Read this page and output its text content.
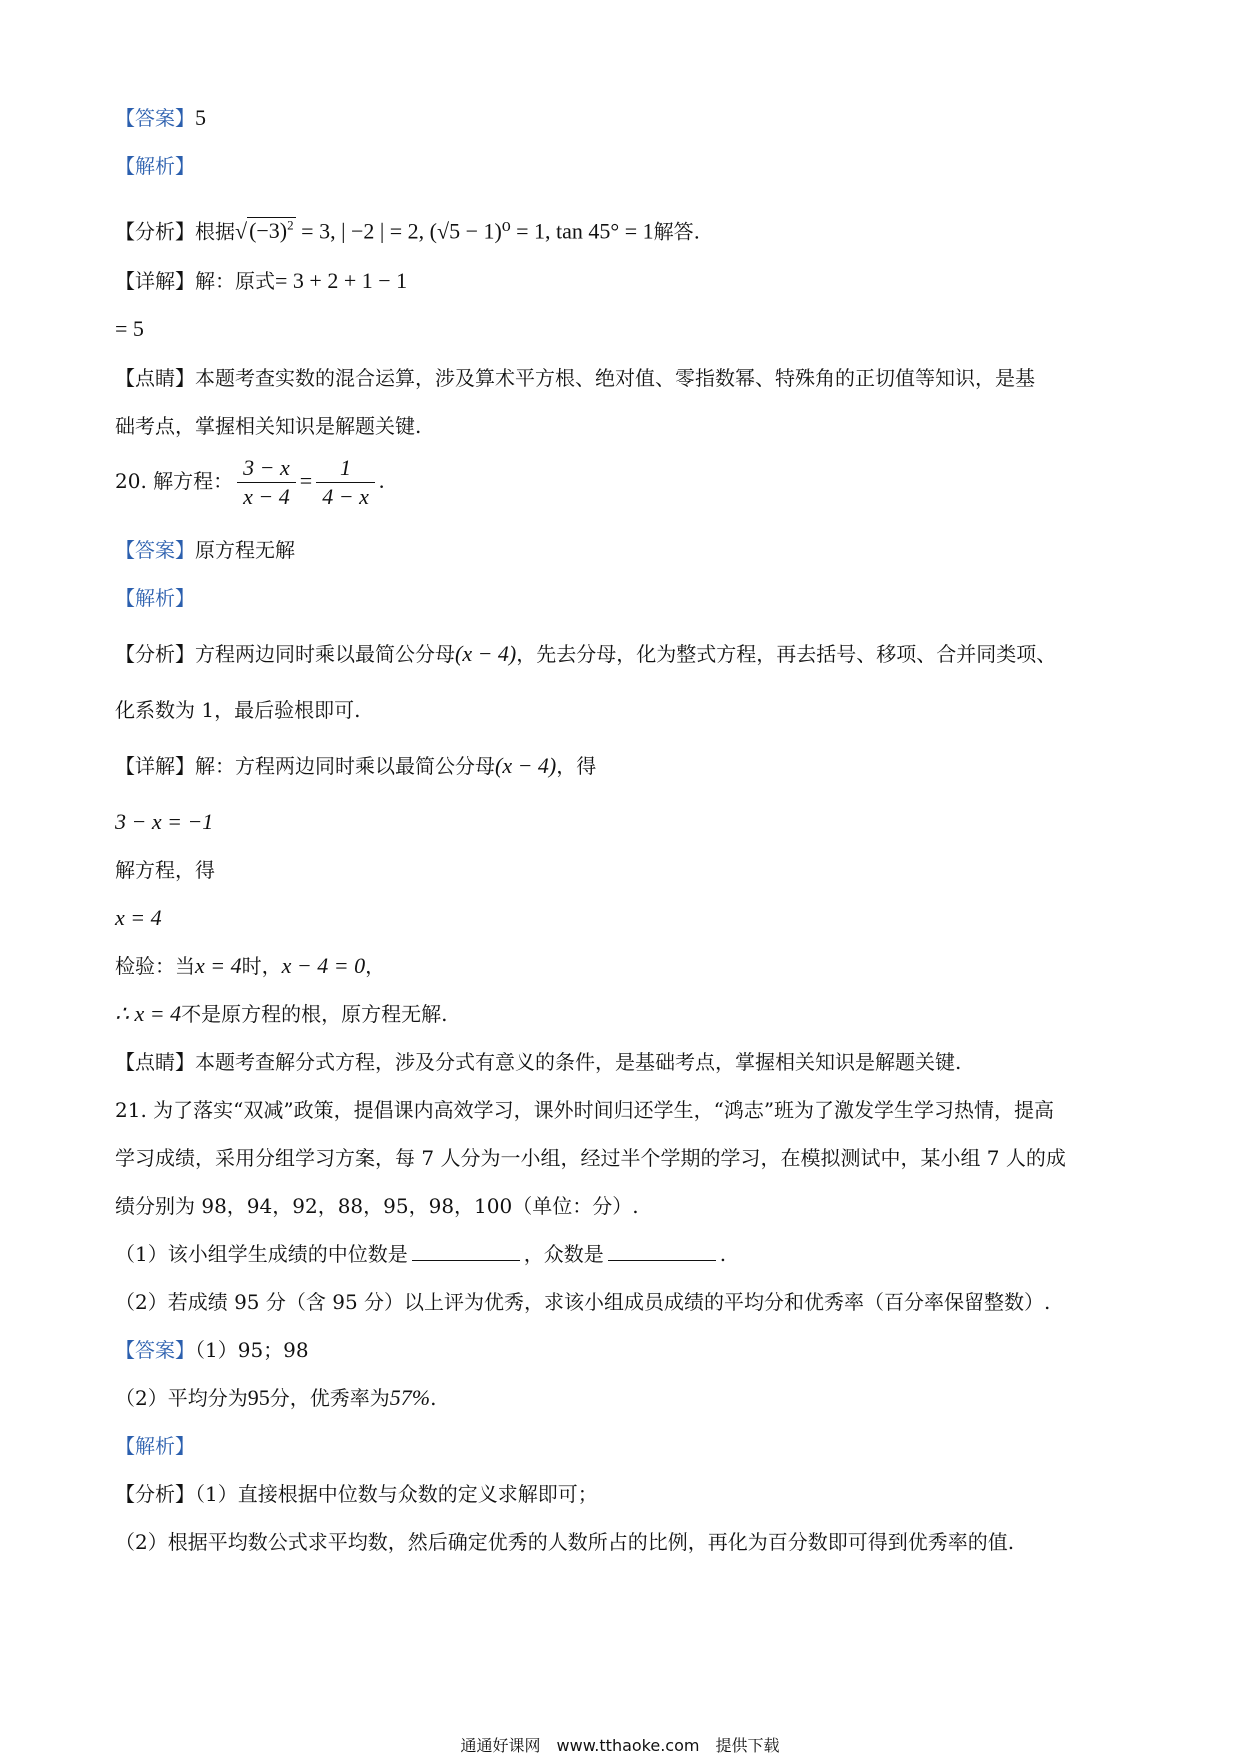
【答案】5
【解析】
【分析】根据$√(-3)^2 = 3$, | −2 | = 2, (√5 − 1)⁰ = 1, tan 45° = 1解答.
【详解】解：原式= 3 + 2 + 1 − 1
= 5
【点睛】本题考查实数的混合运算，涉及算术平方根、绝对值、零指数幂、特殊角的正切值等知识，是基
础考点，掌握相关知识是解题关键.
20. 解方程： $\frac{3 - x}{x - 4} = \frac{1}{4 - x}$ .
【答案】原方程无解
【解析】
【分析】方程两边同时乘以最简公分母(x − 4)，先去分母，化为整式方程，再去括号、移项、合并同类项、
化系数为 1，最后验根即可.
【详解】解：方程两边同时乘以最简公分母(x − 4)，得
3 − x = −1
解方程，得
x = 4
检验：当x = 4时，x − 4 = 0，
∴ x = 4不是原方程的根，原方程无解.
【点睛】本题考查解分式方程，涉及分式有意义的条件，是基础考点，掌握相关知识是解题关键.
21. 为了落实“双减”政策，提倡课内高效学习，课外时间归还学生，“鸿志”班为了激发学生学习热情，提高
学习成绩，采用分组学习方案，每 7 人分为一小组，经过半个学期的学习，在模拟测试中，某小组 7 人的成
绩分别为 98，94，92，88，95，98，100（单位：分）.
（1）该小组学生成绩的中位数是	，众数是	.
（2）若成绩 95 分（含 95 分）以上评为优秀，求该小组成员成绩的平均分和优秀率（百分率保留整数）.
【答案】（1）95；98
（2）平均分为95分，优秀率为57%.
【解析】
【分析】（1）直接根据中位数与众数的定义求解即可；
（2）根据平均数公式求平均数，然后确定优秀的人数所占的比例，再化为百分数即可得到优秀率的值.
通通好课网　www.tthaoke.com　提供下载
